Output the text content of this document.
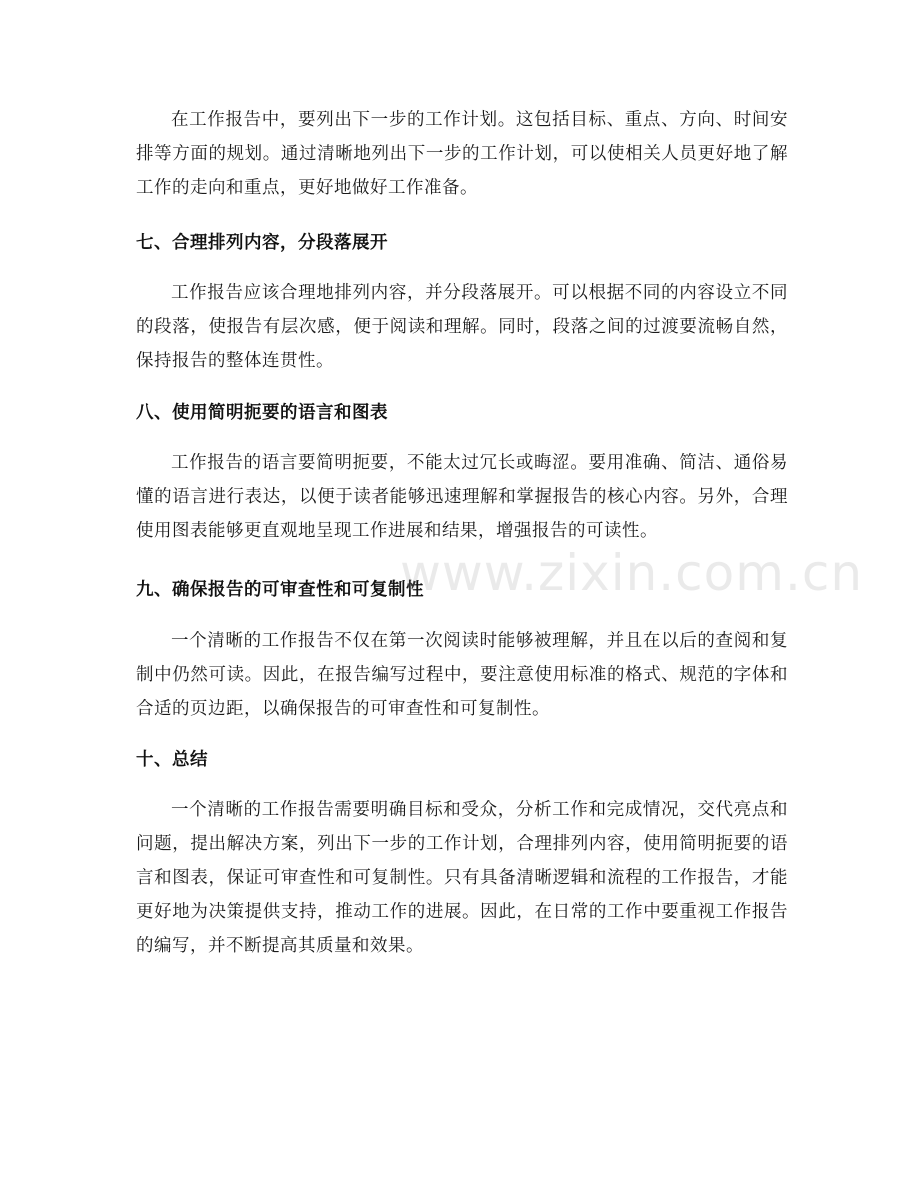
在工作报告中，要列出下一步的工作计划。这包括目标、重点、方向、时间安排等方面的规划。通过清晰地列出下一步的工作计划，可以使相关人员更好地了解工作的走向和重点，更好地做好工作准备。

七、合理排列内容，分段落展开

工作报告应该合理地排列内容，并分段落展开。可以根据不同的内容设立不同的段落，使报告有层次感，便于阅读和理解。同时，段落之间的过渡要流畅自然，保持报告的整体连贯性。

八、使用简明扼要的语言和图表

工作报告的语言要简明扼要，不能太过冗长或晦涩。要用准确、简洁、通俗易懂的语言进行表达，以便于读者能够迅速理解和掌握报告的核心内容。另外，合理使用图表能够更直观地呈现工作进展和结果，增强报告的可读性。

九、确保报告的可审查性和可复制性

一个清晰的工作报告不仅在第一次阅读时能够被理解，并且在以后的查阅和复制中仍然可读。因此，在报告编写过程中，要注意使用标准的格式、规范的字体和合适的页边距，以确保报告的可审查性和可复制性。

十、总结

一个清晰的工作报告需要明确目标和受众，分析工作和完成情况，交代亮点和问题，提出解决方案，列出下一步的工作计划，合理排列内容，使用简明扼要的语言和图表，保证可审查性和可复制性。只有具备清晰逻辑和流程的工作报告，才能更好地为决策提供支持，推动工作的进展。因此，在日常的工作中要重视工作报告的编写，并不断提高其质量和效果。

www.zixin.com.cn
